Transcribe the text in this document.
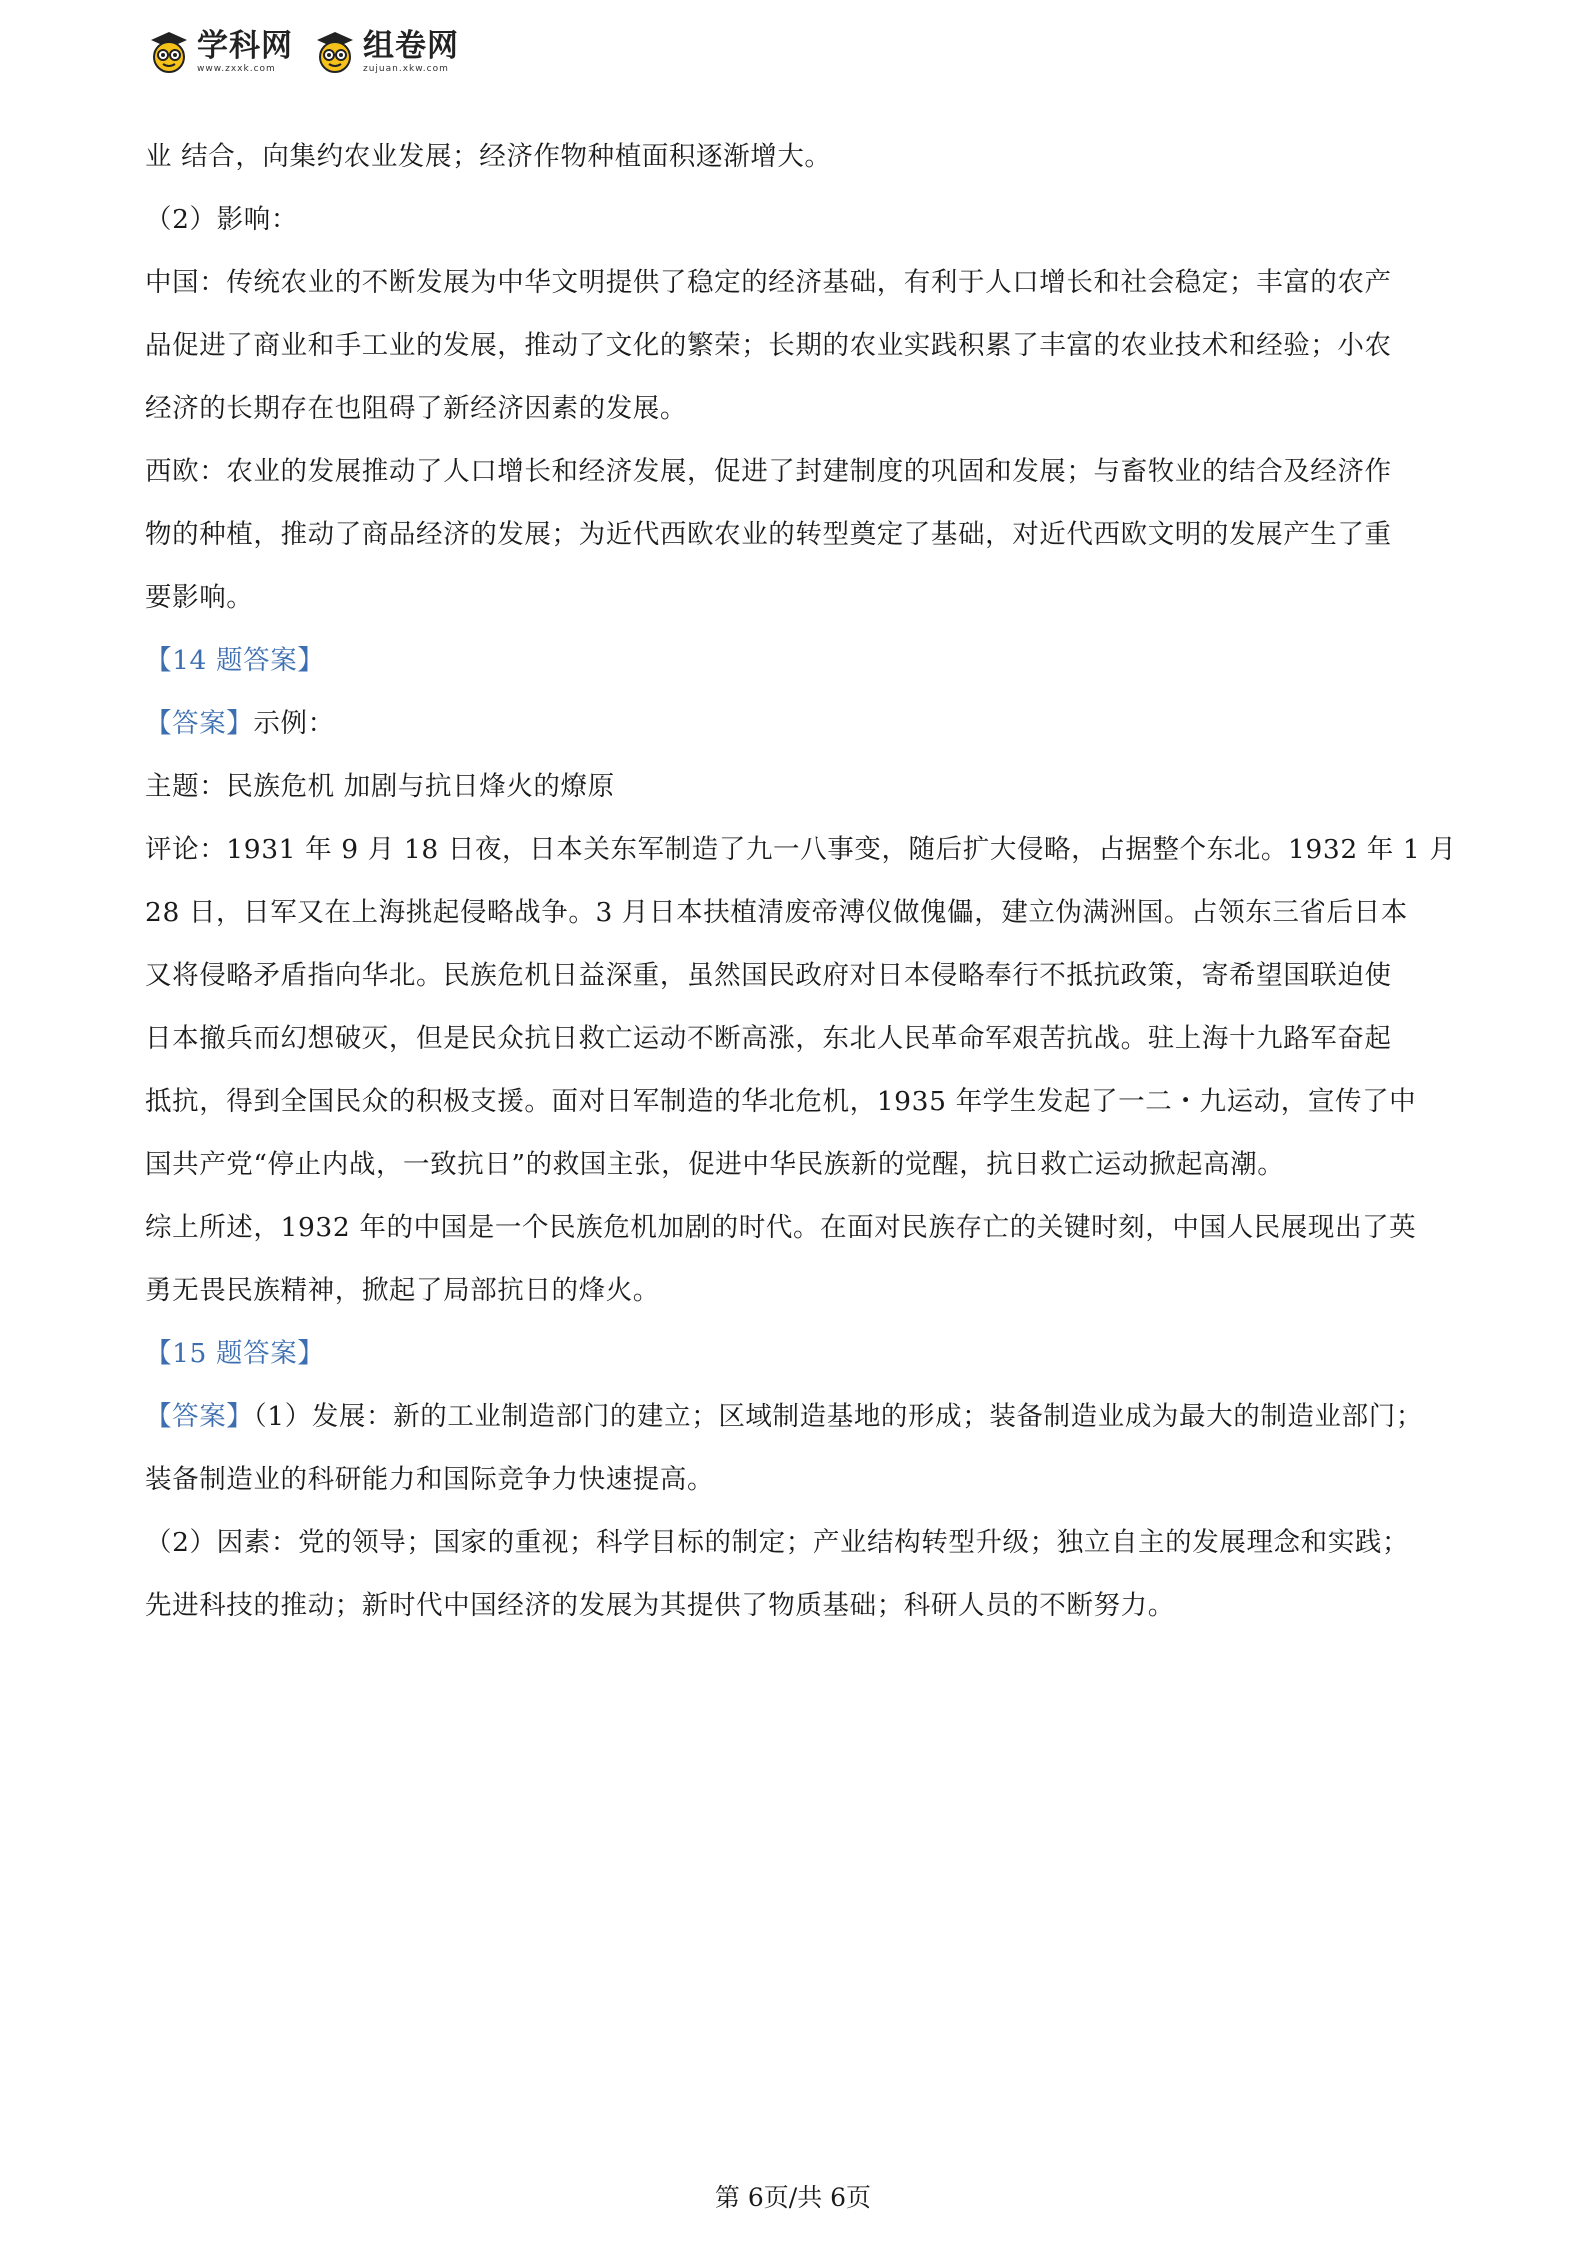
学科网
www.zxxk.com
组卷网
zujuan.xkw.com
业 结合，向集约农业发展；经济作物种植面积逐渐增大。
（2）影响：
中国：传统农业的不断发展为中华文明提供了稳定的经济基础，有利于人口增长和社会稳定；丰富的农产
品促进了商业和手工业的发展，推动了文化的繁荣；长期的农业实践积累了丰富的农业技术和经验；小农
经济的长期存在也阻碍了新经济因素的发展。
西欧：农业的发展推动了人口增长和经济发展，促进了封建制度的巩固和发展；与畜牧业的结合及经济作
物的种植，推动了商品经济的发展；为近代西欧农业的转型奠定了基础，对近代西欧文明的发展产生了重
要影响。
【14 题答案】
【答案】示例：
主题：民族危机 加剧与抗日烽火的燎原
评论：1931 年 9 月 18 日夜，日本关东军制造了九一八事变，随后扩大侵略，占据整个东北。1932 年 1 月
28 日，日军又在上海挑起侵略战争。3 月日本扶植清废帝溥仪做傀儡，建立伪满洲国。占领东三省后日本
又将侵略矛盾指向华北。民族危机日益深重，虽然国民政府对日本侵略奉行不抵抗政策，寄希望国联迫使
日本撤兵而幻想破灭，但是民众抗日救亡运动不断高涨，东北人民革命军艰苦抗战。驻上海十九路军奋起
抵抗，得到全国民众的积极支援。面对日军制造的华北危机，1935 年学生发起了一二・九运动，宣传了中
国共产党“停止内战，一致抗日”的救国主张，促进中华民族新的觉醒，抗日救亡运动掀起高潮。
综上所述，1932 年的中国是一个民族危机加剧的时代。在面对民族存亡的关键时刻，中国人民展现出了英
勇无畏民族精神，掀起了局部抗日的烽火。
【15 题答案】
【答案】（1）发展：新的工业制造部门的建立；区域制造基地的形成；装备制造业成为最大的制造业部门；
装备制造业的科研能力和国际竞争力快速提高。
（2）因素：党的领导；国家的重视；科学目标的制定；产业结构转型升级；独立自主的发展理念和实践；
先进科技的推动；新时代中国经济的发展为其提供了物质基础；科研人员的不断努力。
第 6页/共 6页
